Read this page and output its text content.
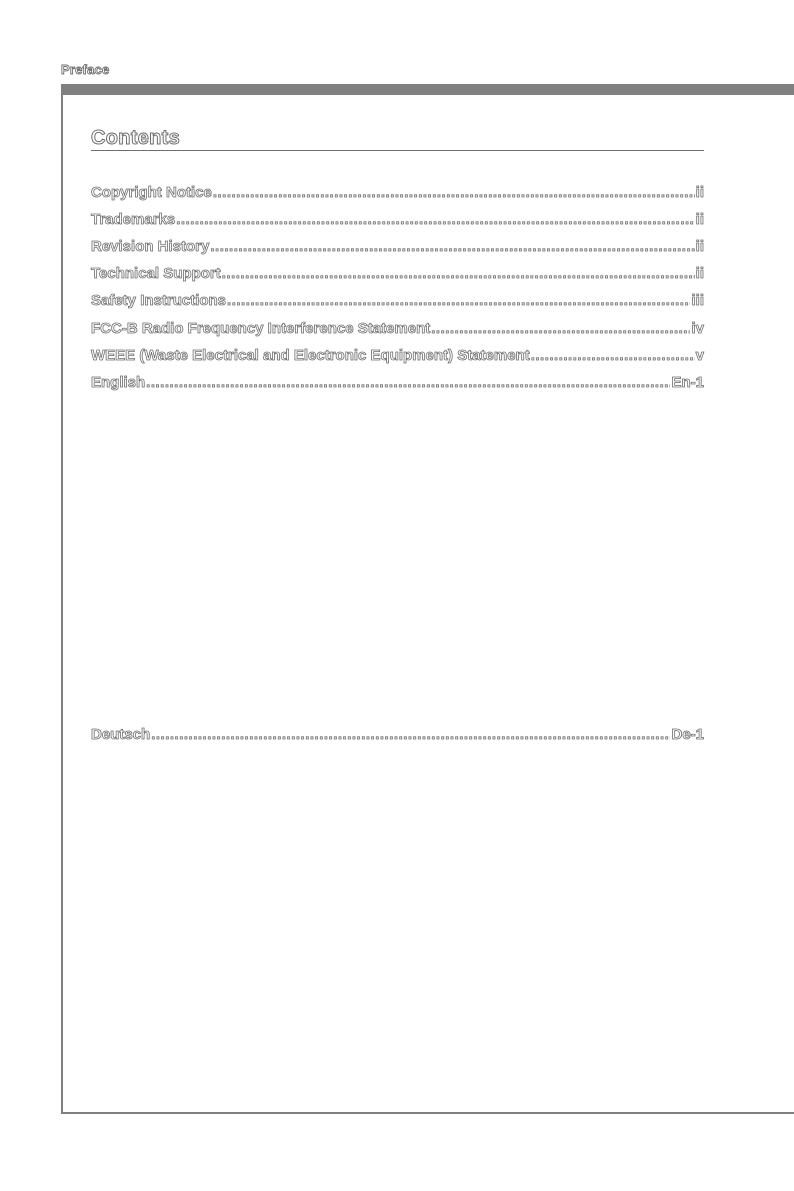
Preface
Contents
Copyright Notice .....	ii
Trademarks .....	ii
Revision History .....	ii
Technical Support .....	ii
Safety Instructions .....	iii
FCC-B Radio Frequency Interference Statement .....	iv
WEEE (Waste Electrical and Electronic Equipment) Statement .....	v
English .....	En-1
Deutsch .....	De-1
